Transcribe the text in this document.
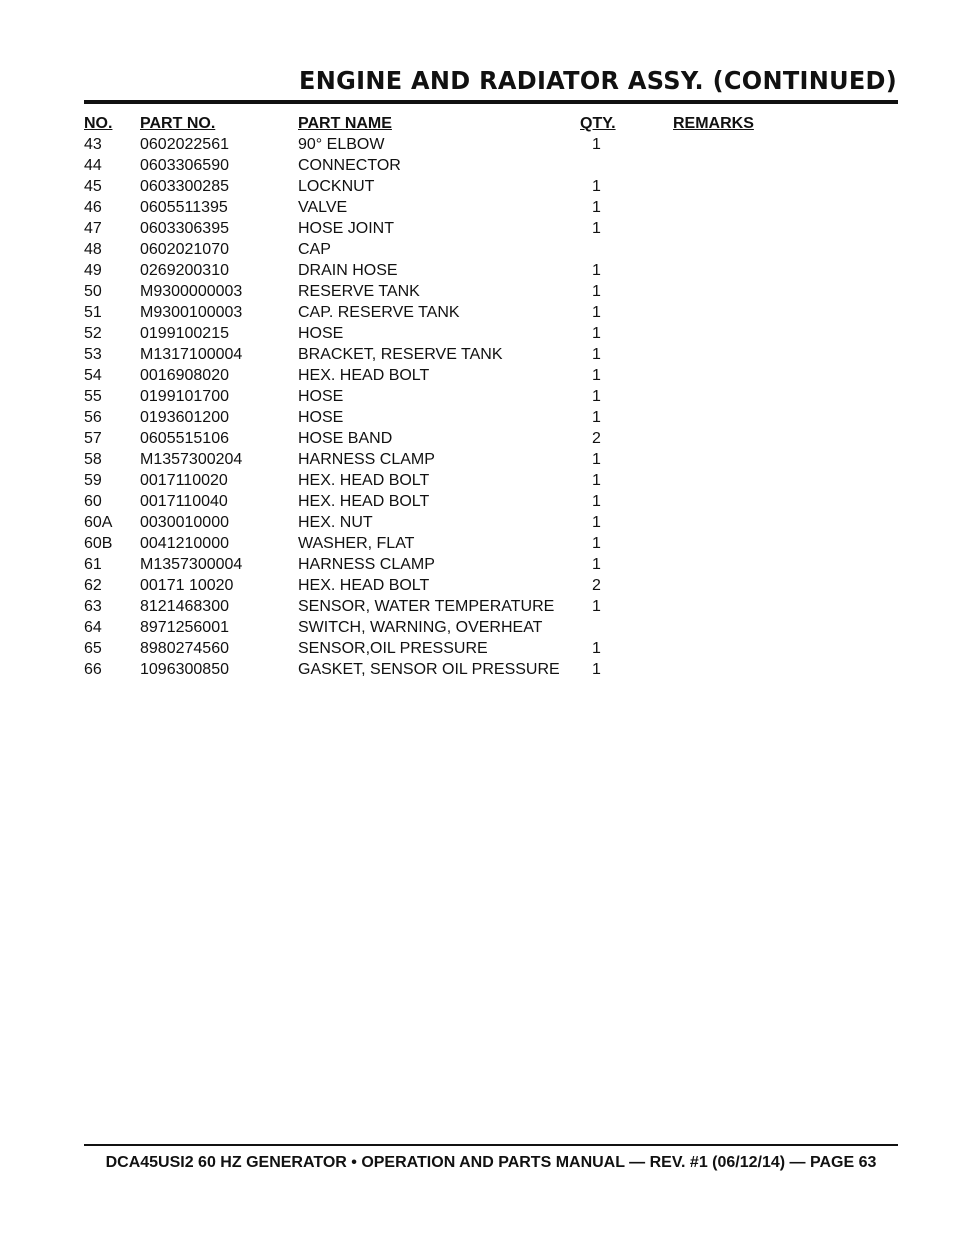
ENGINE AND RADIATOR ASSY. (CONTINUED)
NO.	PART NO.	PART NAME	QTY.	REMARKS
43	0602022561	90° ELBOW	1
44	0603306590	CONNECTOR
45	0603300285	LOCKNUT	1
46	0605511395	VALVE	1
47	0603306395	HOSE JOINT	1
48	0602021070	CAP
49	0269200310	DRAIN HOSE	1
50	M9300000003	RESERVE TANK	1
51	M9300100003	CAP. RESERVE TANK	1
52	0199100215	HOSE	1
53	M1317100004	BRACKET, RESERVE TANK	1
54	0016908020	HEX. HEAD BOLT	1
55	0199101700	HOSE	1
56	0193601200	HOSE	1
57	0605515106	HOSE BAND	2
58	M1357300204	HARNESS CLAMP	1
59	0017110020	HEX. HEAD BOLT	1
60	0017110040	HEX. HEAD BOLT	1
60A	0030010000	HEX. NUT	1
60B	0041210000	WASHER, FLAT	1
61	M1357300004	HARNESS CLAMP	1
62	00171 10020	HEX. HEAD BOLT	2
63	8121468300	SENSOR, WATER TEMPERATURE	1
64	8971256001	SWITCH, WARNING, OVERHEAT
65	8980274560	SENSOR,OIL PRESSURE	1
66	1096300850	GASKET, SENSOR OIL PRESSURE	1
DCA45USI2 60 HZ GENERATOR • OPERATION AND PARTS MANUAL — REV. #1 (06/12/14) — PAGE 63
